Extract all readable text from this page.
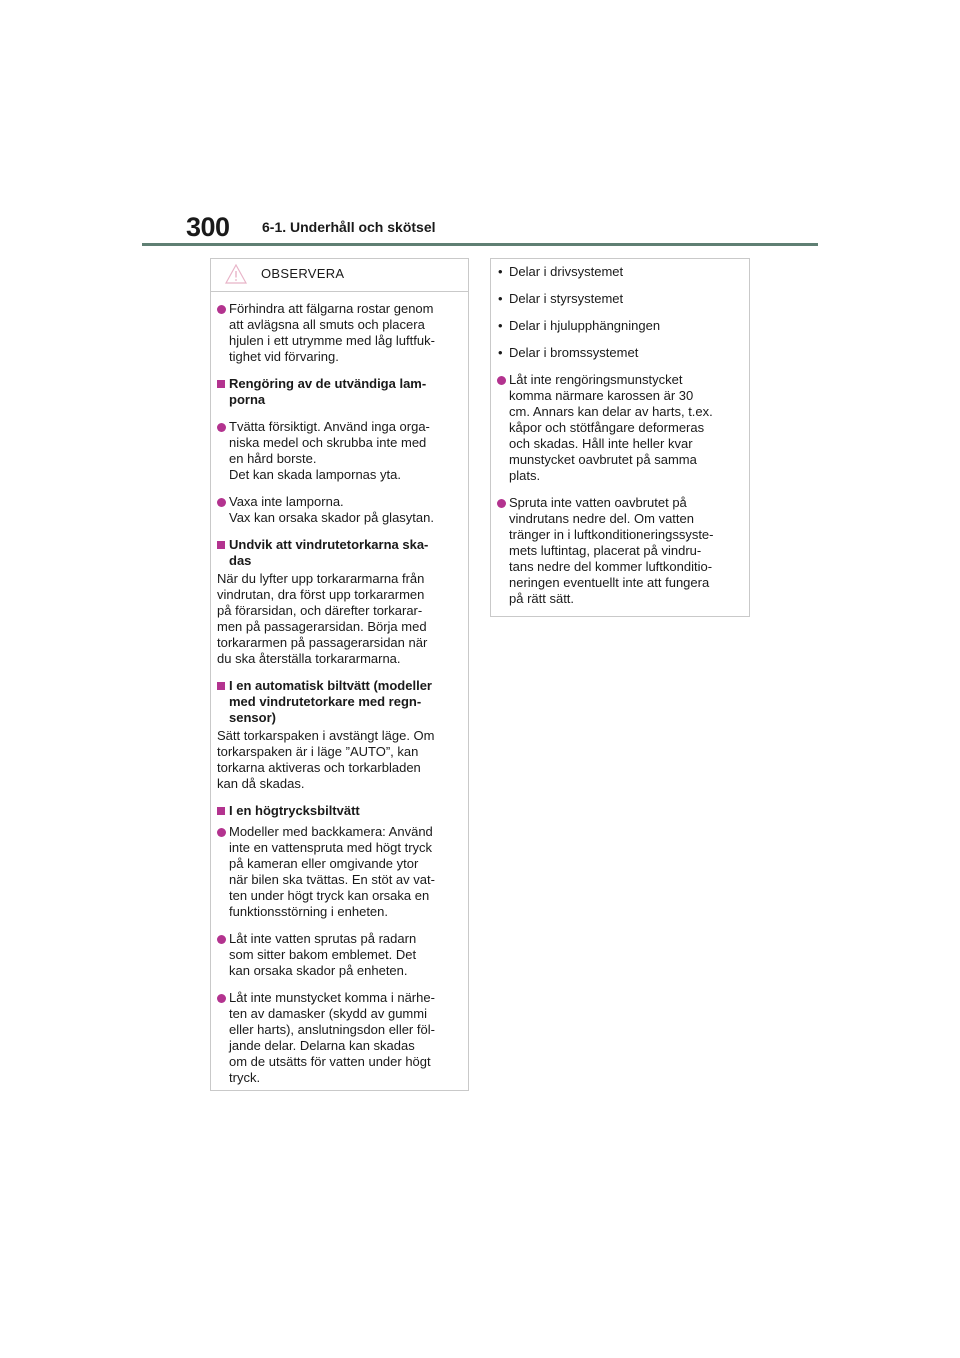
300 6-1. Underhåll och skötsel
OBSERVERA
Förhindra att fälgarna rostar genom
att avlägsna all smuts och placera
hjulen i ett utrymme med låg luftfuk-
tighet vid förvaring.
Rengöring av de utvändiga lam-
porna
Tvätta försiktigt. Använd inga orga-
niska medel och skrubba inte med
en hård borste.
Det kan skada lampornas yta.
Vaxa inte lamporna.
Vax kan orsaka skador på glasytan.
Undvik att vindrutetorkarna ska-
das
När du lyfter upp torkararmarna från
vindrutan, dra först upp torkararmen
på förarsidan, och därefter torkarar-
men på passagerarsidan. Börja med
torkararmen på passagerarsidan när
du ska återställa torkararmarna.
I en automatisk biltvätt (modeller
med vindrutetorkare med regn-
sensor)
Sätt torkarspaken i avstängt läge. Om
torkarspaken är i läge ”AUTO”, kan
torkarna aktiveras och torkarbladen
kan då skadas.
I en högtrycksbiltvätt
Modeller med backkamera: Använd
inte en vattenspruta med högt tryck
på kameran eller omgivande ytor
när bilen ska tvättas. En stöt av vat-
ten under högt tryck kan orsaka en
funktionsstörning i enheten.
Låt inte vatten sprutas på radarn
som sitter bakom emblemet. Det
kan orsaka skador på enheten.
Låt inte munstycket komma i närhe-
ten av damasker (skydd av gummi
eller harts), anslutningsdon eller föl-
jande delar. Delarna kan skadas
om de utsätts för vatten under högt
tryck.
• Delar i drivsystemet
• Delar i styrsystemet
• Delar i hjulupphängningen
• Delar i bromssystemet
Låt inte rengöringsmunstycket
komma närmare karossen är 30
cm. Annars kan delar av harts, t.ex.
kåpor och stötfångare deformeras
och skadas. Håll inte heller kvar
munstycket oavbrutet på samma
plats.
Spruta inte vatten oavbrutet på
vindrutans nedre del. Om vatten
tränger in i luftkonditioneringssyste-
mets luftintag, placerat på vindru-
tans nedre del kommer luftkonditio-
neringen eventuellt inte att fungera
på rätt sätt.
